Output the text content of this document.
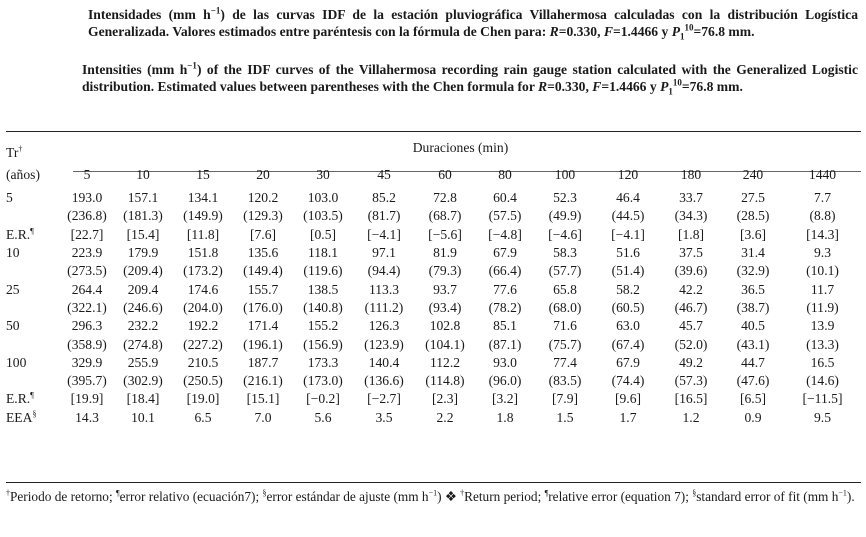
Intensidades (mm $h^{-1}$) de las curvas IDF de la estación pluviográfica Villahermosa calculadas con la distribución Logística Generalizada. Valores estimados entre paréntesis con la fórmula de Chen para: R=0.330, F=1.4466 y $P_1^{10}=76.8$ mm.
Intensities (mm $h^{-1}$) of the IDF curves of the Villahermosa recording rain gauge station calculated with the Generalized Logistic distribution. Estimated values between parentheses with the Chen formula for R=0.330, F=1.4466 y $P_1^{10}=76.8$ mm.
Tr†	Duraciones (min)												
(años)	5	10	15	20	30	45	60	80	100	120	180	240	1440
5	193.0	157.1	134.1	120.2	103.0	85.2	72.8	60.4	52.3	46.4	33.7	27.5	7.7
	(236.8)	(181.3)	(149.9)	(129.3)	(103.5)	(81.7)	(68.7)	(57.5)	(49.9)	(44.5)	(34.3)	(28.5)	(8.8)
E.R.¶	[22.7]	[15.4]	[11.8]	[7.6]	[0.5]	[−4.1]	[−5.6]	[−4.8]	[−4.6]	[−4.1]	[1.8]	[3.6]	[14.3]
10	223.9	179.9	151.8	135.6	118.1	97.1	81.9	67.9	58.3	51.6	37.5	31.4	9.3
	(273.5)	(209.4)	(173.2)	(149.4)	(119.6)	(94.4)	(79.3)	(66.4)	(57.7)	(51.4)	(39.6)	(32.9)	(10.1)
25	264.4	209.4	174.6	155.7	138.5	113.3	93.7	77.6	65.8	58.2	42.2	36.5	11.7
	(322.1)	(246.6)	(204.0)	(176.0)	(140.8)	(111.2)	(93.4)	(78.2)	(68.0)	(60.5)	(46.7)	(38.7)	(11.9)
50	296.3	232.2	192.2	171.4	155.2	126.3	102.8	85.1	71.6	63.0	45.7	40.5	13.9
	(358.9)	(274.8)	(227.2)	(196.1)	(156.9)	(123.9)	(104.1)	(87.1)	(75.7)	(67.4)	(52.0)	(43.1)	(13.3)
100	329.9	255.9	210.5	187.7	173.3	140.4	112.2	93.0	77.4	67.9	49.2	44.7	16.5
	(395.7)	(302.9)	(250.5)	(216.1)	(173.0)	(136.6)	(114.8)	(96.0)	(83.5)	(74.4)	(57.3)	(47.6)	(14.6)
E.R.¶	[19.9]	[18.4]	[19.0]	[15.1]	[−0.2]	[−2.7]	[2.3]	[3.2]	[7.9]	[9.6]	[16.5]	[6.5]	[−11.5]
EEA§	14.3	10.1	6.5	7.0	5.6	3.5	2.2	1.8	1.5	1.7	1.2	0.9	9.5
†Periodo de retorno; ¶error relativo (ecuación7); §error estándar de ajuste (mm $h^{-1}$) ❖ †Return period; ¶relative error (equation 7); §standard error of fit (mm $h^{-1}$).
